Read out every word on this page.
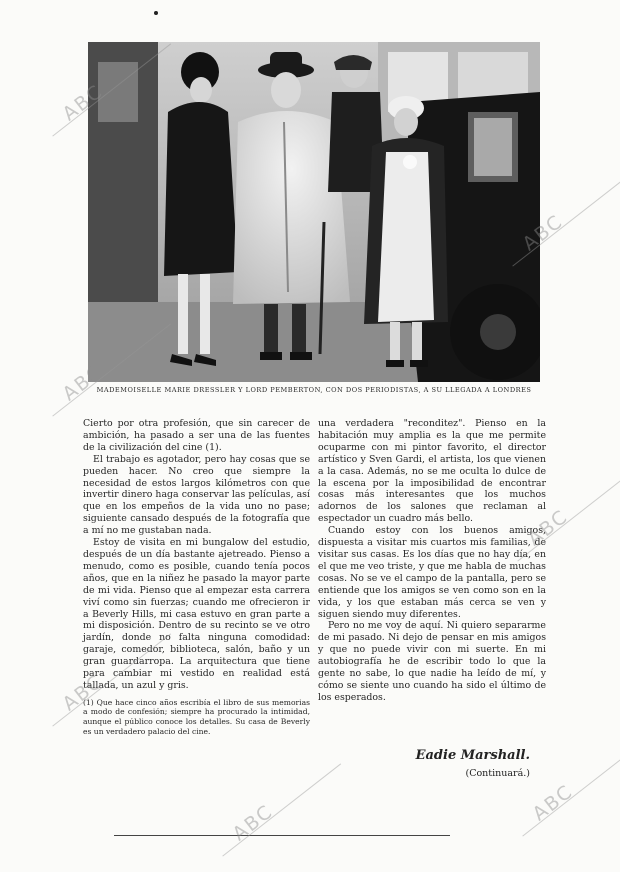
MADEMOISELLE MARIE DRESSLER Y LORD PEMBERTON, CON DOS PERIODISTAS, A SU LLEGADA A LONDRES

Cierto por otra profesión, que sin carecer de ambición, ha pasado a ser una de las fuentes de la civilización del cine (1).

El trabajo es agotador, pero hay cosas que se pueden hacer. No creo que siempre la necesidad de estos largos kilómetros con que invertir dinero haga conservar las películas, así que en los empeños de la vida uno no pase; siguiente cansado después de la fotografía que a mí no me gustaban nada.

Estoy de visita en mi bungalow del estudio, después de un día bastante ajetreado. Pienso a menudo, como es posible, cuando tenía pocos años, que en la niñez he pasado la mayor parte de mi vida. Pienso que al empezar esta carrera viví como sin fuerzas; cuando me ofrecieron ir a Beverly Hills, mi casa estuvo en gran parte a mi disposición. Dentro de su recinto se ve otro jardín, donde no falta ninguna comodidad: garaje, comedor, biblioteca, salón, baño y un gran guardarropa. La arquitectura que tiene para cambiar mi vestido en realidad está tallada, un azul y gris.

(1) Que hace cinco años escribía el libro de sus memorias a modo de confesión; siempre ha procurado la intimidad, aunque el público conoce los detalles. Su casa de Beverly es un verdadero palacio del cine.

una verdadera "reconditez". Pienso en la habitación muy amplia es la que me permite ocuparme con mi pintor favorito, el director artístico y Sven Gardi, el artista, los que vienen a la casa. Además, no se me oculta lo dulce de la escena por la imposibilidad de encontrar cosas más interesantes que los muchos adornos de los salones que reclaman al espectador un cuadro más bello.

Cuando estoy con los buenos amigos, dispuesta a visitar mis cuartos mis familias, de visitar sus casas. Es los días que no hay día, en el que me veo triste, y que me habla de muchas cosas. No se ve el campo de la pantalla, pero se entiende que los amigos se ven como son en la vida, y los que estaban más cerca se ven y siguen siendo muy diferentes.

Pero no me voy de aquí. Ni quiero separarme de mi pasado. Ni dejo de pensar en mis amigos y que no puede vivir con mi suerte. En mi autobiografía he de escribir todo lo que la gente no sabe, lo que nadie ha leído de mí, y cómo se siente uno cuando ha sido el último de los esperados.

Eadie Marshall.
(Continuará.)
ABC
ABC
ABC
ABC
ABC
ABC
ABC
